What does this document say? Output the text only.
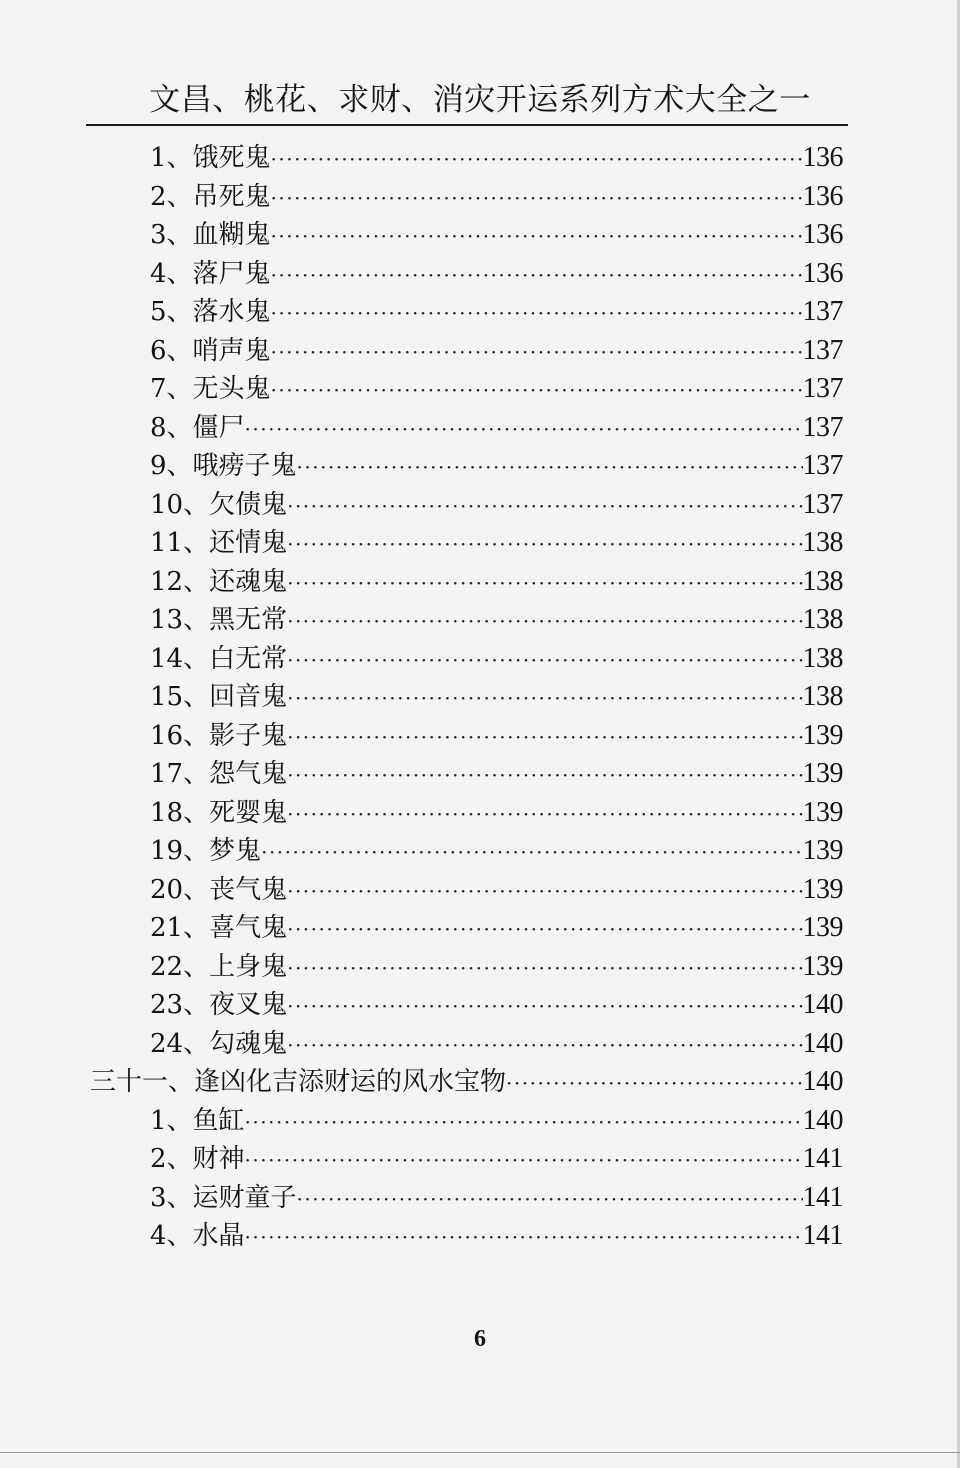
文昌、桃花、求财、消灾开运系列方术大全之一
1、饿死鬼 ·····	136
2、吊死鬼 ·····	136
3、血糊鬼 ·····	136
4、落尸鬼 ·····	136
5、落水鬼 ·····	137
6、哨声鬼 ·····	137
7、无头鬼 ·····	137
8、僵尸 ·····	137
9、哦痨子鬼 ·····	137
10、欠债鬼 ·····	137
11、还情鬼 ·····	138
12、还魂鬼 ·····	138
13、黑无常 ·····	138
14、白无常 ·····	138
15、回音鬼 ·····	138
16、影子鬼 ·····	139
17、怨气鬼 ·····	139
18、死婴鬼 ·····	139
19、梦鬼 ·····	139
20、丧气鬼 ·····	139
21、喜气鬼 ·····	139
22、上身鬼 ·····	139
23、夜叉鬼 ·····	140
24、勾魂鬼 ·····	140
三十一、逢凶化吉添财运的风水宝物 ·····	140
1、鱼缸 ·····	140
2、财神 ·····	141
3、运财童子 ·····	141
4、水晶 ·····	141
6
